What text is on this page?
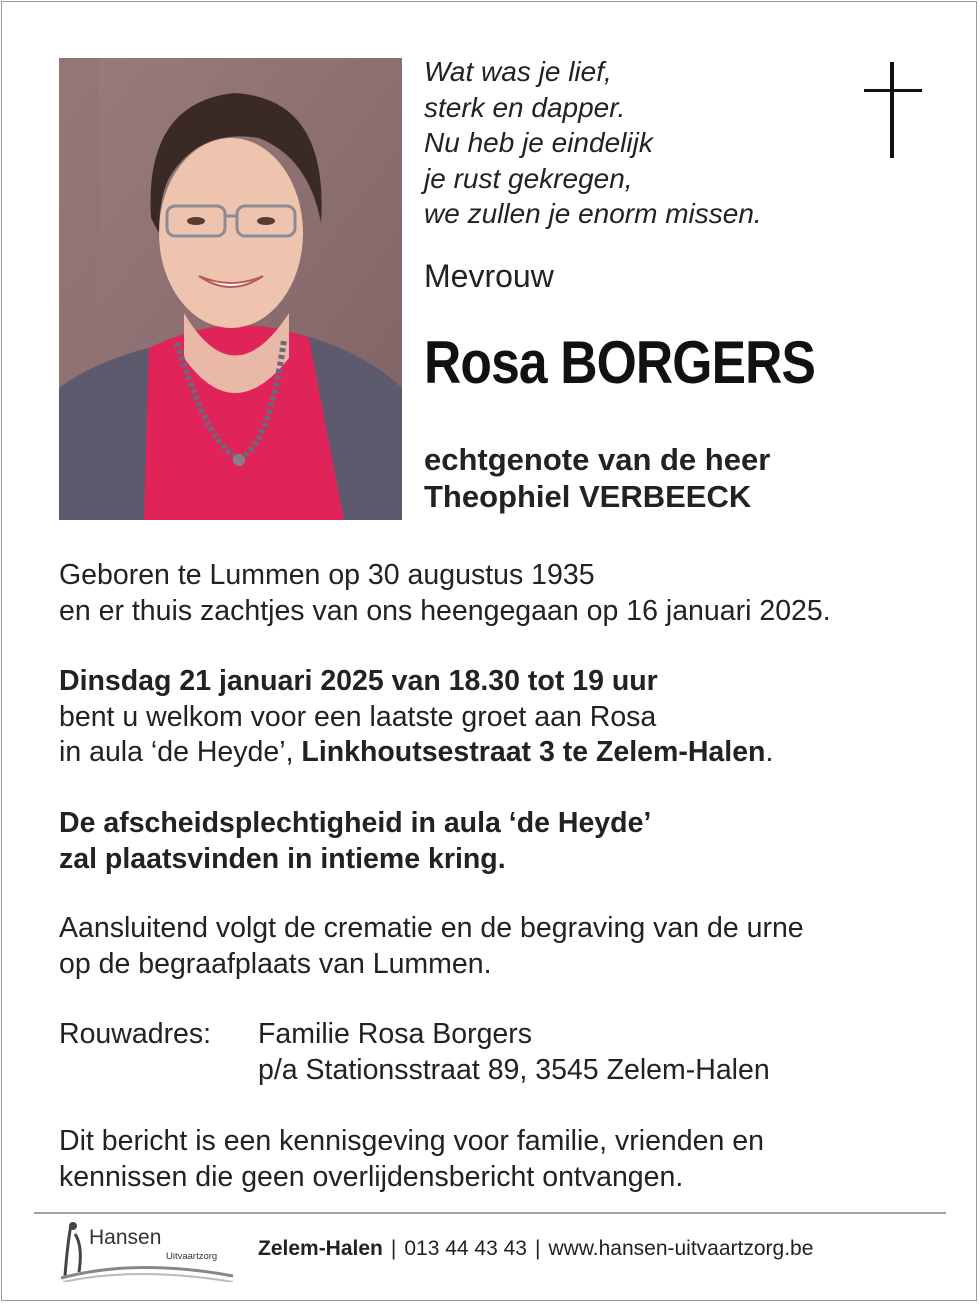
Wat was je lief,
sterk en dapper.
Nu heb je eindelijk
je rust gekregen,
we zullen je enorm missen.
Mevrouw
Rosa BORGERS
echtgenote van de heer
Theophiel VERBEECK
Geboren te Lummen op 30 augustus 1935
en er thuis zachtjes van ons heengegaan op 16 januari 2025.
Dinsdag 21 januari 2025 van 18.30 tot 19 uur
bent u welkom voor een laatste groet aan Rosa
in aula ‘de Heyde’, Linkhoutsestraat 3 te Zelem-Halen.
De afscheidsplechtigheid in aula ‘de Heyde’
zal plaatsvinden in intieme kring.
Aansluitend volgt de crematie en de begraving van de urne
op de begraafplaats van Lummen.
Rouwadres: Familie Rosa Borgers
p/a Stationsstraat 89, 3545 Zelem-Halen
Dit bericht is een kennisgeving voor familie, vrienden en
kennissen die geen overlijdensbericht ontvangen.
Hansen
Uitvaartzorg Zelem-Halen | 013 44 43 43 | www.hansen-uitvaartzorg.be
